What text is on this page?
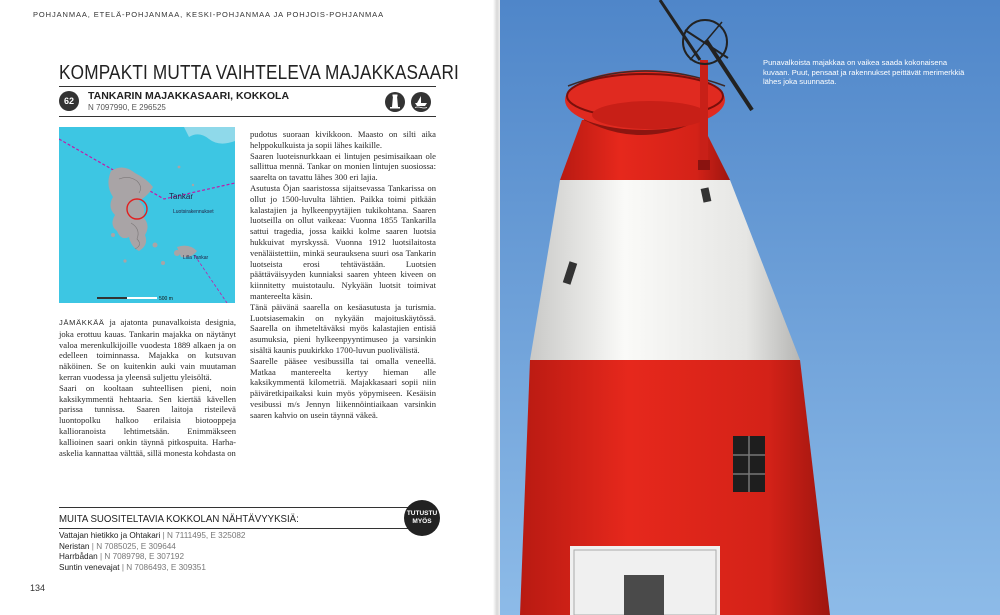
POHJANMAA, ETELÄ-POHJANMAA, KESKI-POHJANMAA JA POHJOIS-POHJANMAA
KOMPAKTI MUTTA VAIHTELEVA MAJAKKASAARI
62	TANKARIN MAJAKKASAARI, KOKKOLA
N 7097990, E 296525
Tankar
Luotsirakennukset
Lilla Tankar
500 m

JÄMÄKKÄÄ ja ajatonta punavalkoista designia, joka erottuu kauas. Tankarin majakka on näytänyt valoa merenkulkijoille vuodesta 1889 alkaen ja on edelleen toiminnassa. Majakka on kutsuvan näköinen. Se on kuitenkin auki vain muutaman kerran vuodessa ja yleensä suljettu yleisöltä.

Saari on kooltaan suhteellisen pieni, noin kaksikymmentä hehtaaria. Sen kiertää kävellen parissa tunnissa. Saaren laitoja risteilevä luontopolku halkoo erilaisia biotooppeja kallioranoista lehtimetsään. Enimmäkseen kallioinen saari onkin täynnä pitkospuita. Harha-askelia kannattaa välttää, sillä monesta kohdasta on

pudotus suoraan kivikkoon. Maasto on silti aika helppokulkuista ja sopii lähes kaikille.

Saaren luoteisnurkkaan ei lintujen pesimisaikaan ole sallittua mennä. Tankar on monien lintujen suosiossa: saarelta on tavattu lähes 300 eri lajia.

Asutusta Öjan saaristossa sijaitsevassa Tankarissa on ollut jo 1500-luvulta lähtien. Paikka toimi pitkään kalastajien ja hylkeenpyytäjien tukikohtana. Saaren luotseilla on ollut vaikeaa: Vuonna 1855 Tankarilla sattui tragedia, jossa kaikki kolme saaren luotsia hukkuivat myrskyssä. Vuonna 1912 luotsilaitosta venäläistettiin, minkä seurauksena suuri osa Tankarin luotseista erosi tehtävästään. Luotsien päättäväisyyden kunniaksi saaren yhteen kiveen on kiinnitetty muistotaulu. Nykyään luotsit toimivat mantereelta käsin.

Tänä päivänä saarella on kesäasutusta ja turismia. Luotsiasemakin on nykyään majoituskäytössä. Saarella on ihmeteltäväksi myös kalastajien entisiä asumuksia, pieni hylkeenpyyntimuseo ja varsinkin sisältä kaunis puukirkko 1700-luvun puolivälistä.

Saarelle pääsee vesibussilla tai omalla veneellä. Matkaa mantereelta kertyy hieman alle kaksikymmentä kilometriä. Majakkasaari sopii niin päiväretkipaikaksi kuin myös yöpymiseen. Kesäisin vesibussi m/s Jennyn liikennöintiaikaan varsinkin saaren kahvio on usein täynnä väkeä.

MUITA SUOSITELTAVIA KOKKOLAN NÄHTÄVYYKSIÄ:	TUTUSTU
MYÖS
Vattajan hietikko ja Ohtakari | N 7111495, E 325082
Neristan | N 7085025, E 309644
Harrbådan | N 7089798, E 307192
Suntin venevajat | N 7086493, E 309351
134
Punavalkoista majakkaa on vaikea saada kokonaisena kuvaan. Puut, pensaat ja rakennukset peittävät merimerkkiä lähes joka suunnasta.
